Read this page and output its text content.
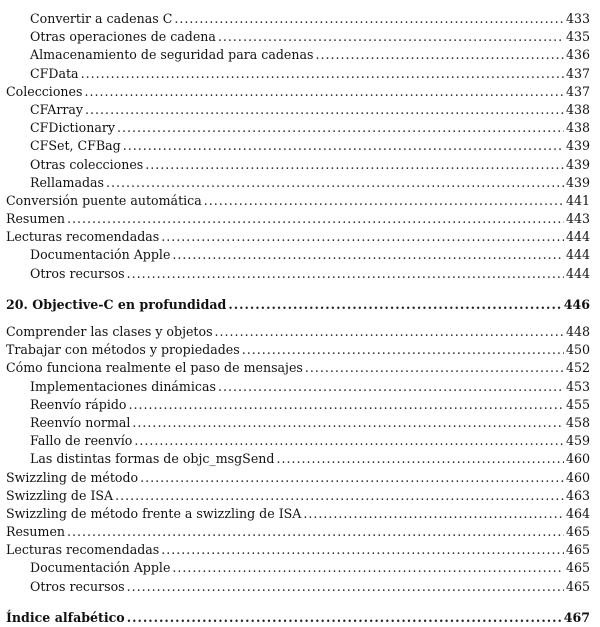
Convertir a cadenas C .....	433
Otras operaciones de cadena .....	435
Almacenamiento de seguridad para cadenas .....	436
CFData .....	437
Colecciones .....	437
CFArray .....	438
CFDictionary .....	438
CFSet, CFBag .....	439
Otras colecciones .....	439
Rellamadas .....	439
Conversión puente automática .....	441
Resumen .....	443
Lecturas recomendadas .....	444
Documentación Apple .....	444
Otros recursos .....	444
20. Objective-C en profundidad .....	446
Comprender las clases y objetos .....	448
Trabajar con métodos y propiedades .....	450
Cómo funciona realmente el paso de mensajes .....	452
Implementaciones dinámicas .....	453
Reenvío rápido .....	455
Reenvío normal .....	458
Fallo de reenvío .....	459
Las distintas formas de objc_msgSend .....	460
Swizzling de método .....	460
Swizzling de ISA .....	463
Swizzling de método frente a swizzling de ISA .....	464
Resumen .....	465
Lecturas recomendadas .....	465
Documentación Apple .....	465
Otros recursos .....	465
Índice alfabético .....	467
